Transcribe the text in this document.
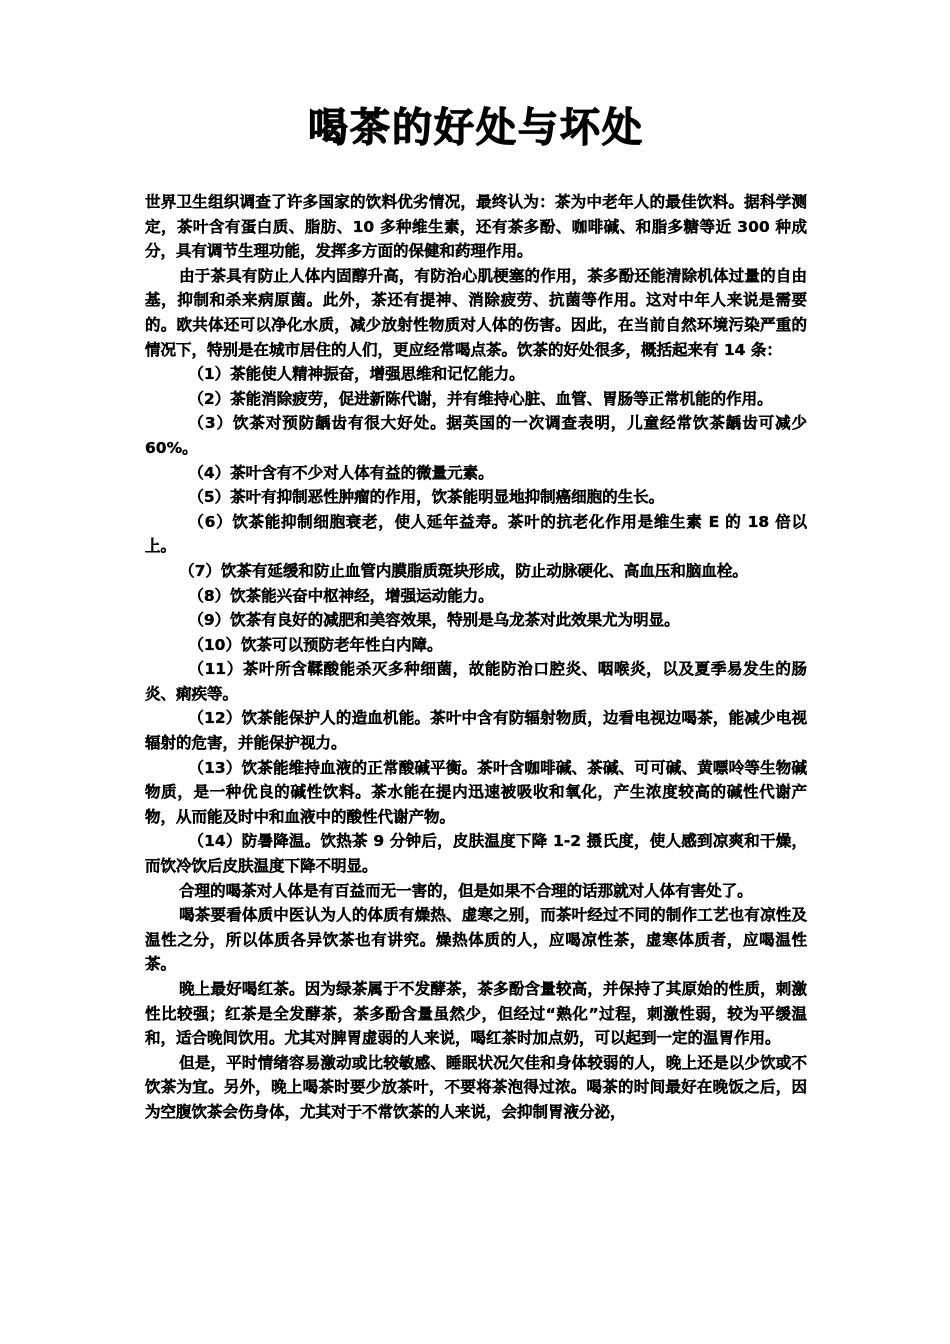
喝茶的好处与坏处

世界卫生组织调查了许多国家的饮料优劣情况，最终认为：茶为中老年人的最佳饮料。据科学测定，茶叶含有蛋白质、脂肪、10 多种维生素，还有茶多酚、咖啡碱、和脂多糖等近 300 种成分，具有调节生理功能，发挥多方面的保健和药理作用。

由于茶具有防止人体内固醇升高，有防治心肌梗塞的作用，茶多酚还能清除机体过量的自由基，抑制和杀来病原菌。此外，茶还有提神、消除疲劳、抗菌等作用。这对中年人来说是需要的。欧共体还可以净化水质，减少放射性物质对人体的伤害。因此，在当前自然环境污染严重的情况下，特别是在城市居住的人们，更应经常喝点茶。饮茶的好处很多，概括起来有 14 条：

（1）茶能使人精神振奋，增强思维和记忆能力。

（2）茶能消除疲劳，促进新陈代谢，并有维持心脏、血管、胃肠等正常机能的作用。

（3）饮茶对预防龋齿有很大好处。据英国的一次调查表明，儿童经常饮茶龋齿可减少 60%。

（4）茶叶含有不少对人体有益的微量元素。

（5）茶叶有抑制恶性肿瘤的作用，饮茶能明显地抑制癌细胞的生长。

（6）饮茶能抑制细胞衰老，使人延年益寿。茶叶的抗老化作用是维生素 E 的 18 倍以上。

（7）饮茶有延缓和防止血管内膜脂质斑块形成，防止动脉硬化、高血压和脑血栓。

（8）饮茶能兴奋中枢神经，增强运动能力。

（9）饮茶有良好的减肥和美容效果，特别是乌龙茶对此效果尤为明显。

（10）饮茶可以预防老年性白内障。

（11）茶叶所含鞣酸能杀灭多种细菌，故能防治口腔炎、咽喉炎，以及夏季易发生的肠炎、痢疾等。

（12）饮茶能保护人的造血机能。茶叶中含有防辐射物质，边看电视边喝茶，能减少电视辐射的危害，并能保护视力。

（13）饮茶能维持血液的正常酸碱平衡。茶叶含咖啡碱、茶碱、可可碱、黄嘌呤等生物碱物质，是一种优良的碱性饮料。茶水能在提内迅速被吸收和氧化，产生浓度较高的碱性代谢产物，从而能及时中和血液中的酸性代谢产物。

（14）防暑降温。饮热茶 9 分钟后，皮肤温度下降 1-2 摄氏度，使人感到凉爽和干燥，而饮冷饮后皮肤温度下降不明显。

合理的喝茶对人体是有百益而无一害的，但是如果不合理的话那就对人体有害处了。

喝茶要看体质中医认为人的体质有燥热、虚寒之别，而茶叶经过不同的制作工艺也有凉性及温性之分，所以体质各异饮茶也有讲究。燥热体质的人，应喝凉性茶，虚寒体质者，应喝温性茶。

晚上最好喝红茶。因为绿茶属于不发酵茶，茶多酚含量较高，并保持了其原始的性质，刺激性比较强；红茶是全发酵茶，茶多酚含量虽然少，但经过“熟化”过程，刺激性弱，较为平缓温和，适合晚间饮用。尤其对脾胃虚弱的人来说，喝红茶时加点奶，可以起到一定的温胃作用。

但是，平时情绪容易激动或比较敏感、睡眠状况欠佳和身体较弱的人，晚上还是以少饮或不饮茶为宜。另外，晚上喝茶时要少放茶叶，不要将茶泡得过浓。喝茶的时间最好在晚饭之后，因为空腹饮茶会伤身体，尤其对于不常饮茶的人来说，会抑制胃液分泌，
